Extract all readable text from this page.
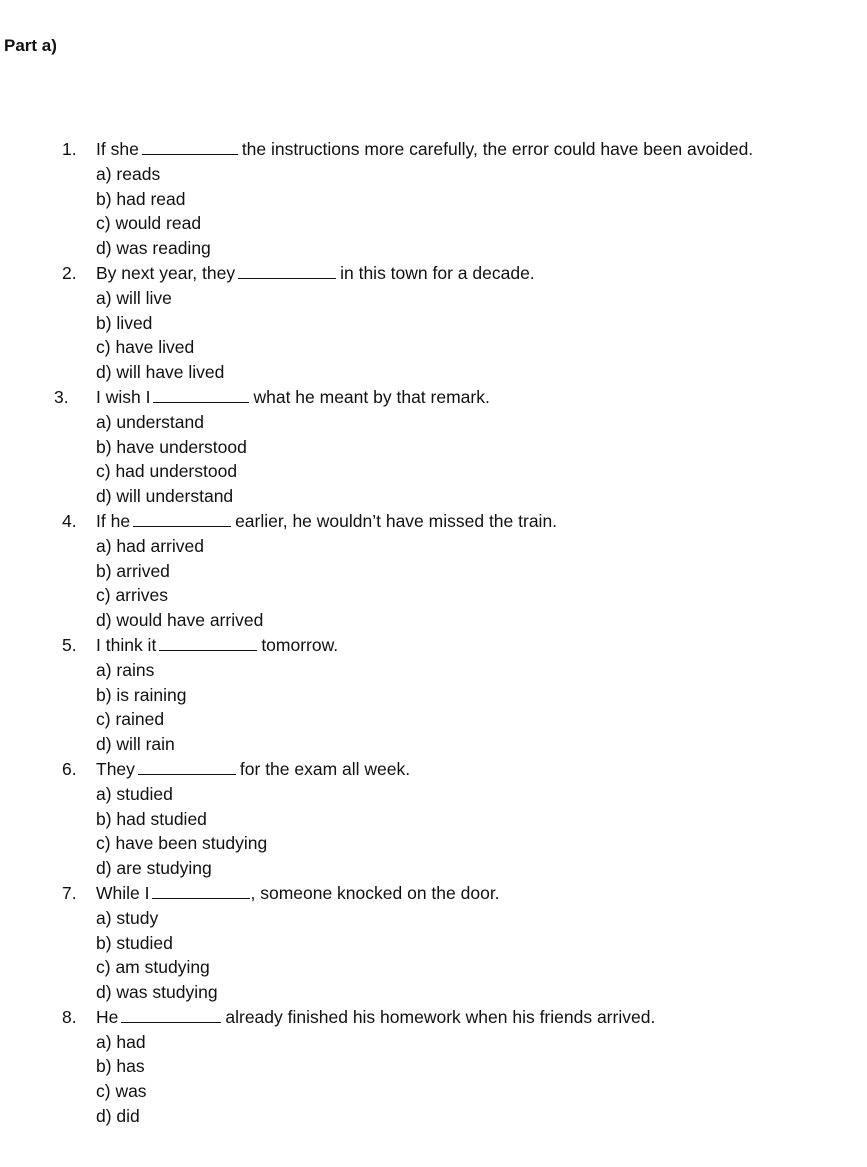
Part a)
1. If she	the instructions more carefully, the error could have been avoided.
a) reads
b) had read
c) would read
d) was reading
2. By next year, they	in this town for a decade.
a) will live
b) lived
c) have lived
d) will have lived
3. I wish I	what he meant by that remark.
a) understand
b) have understood
c) had understood
d) will understand
4. If he	earlier, he wouldn’t have missed the train.
a) had arrived
b) arrived
c) arrives
d) would have arrived
5. I think it	tomorrow.
a) rains
b) is raining
c) rained
d) will rain
6. They	for the exam all week.
a) studied
b) had studied
c) have been studying
d) are studying
7. While I	, someone knocked on the door.
a) study
b) studied
c) am studying
d) was studying
8. He	already finished his homework when his friends arrived.
a) had
b) has
c) was
d) did
